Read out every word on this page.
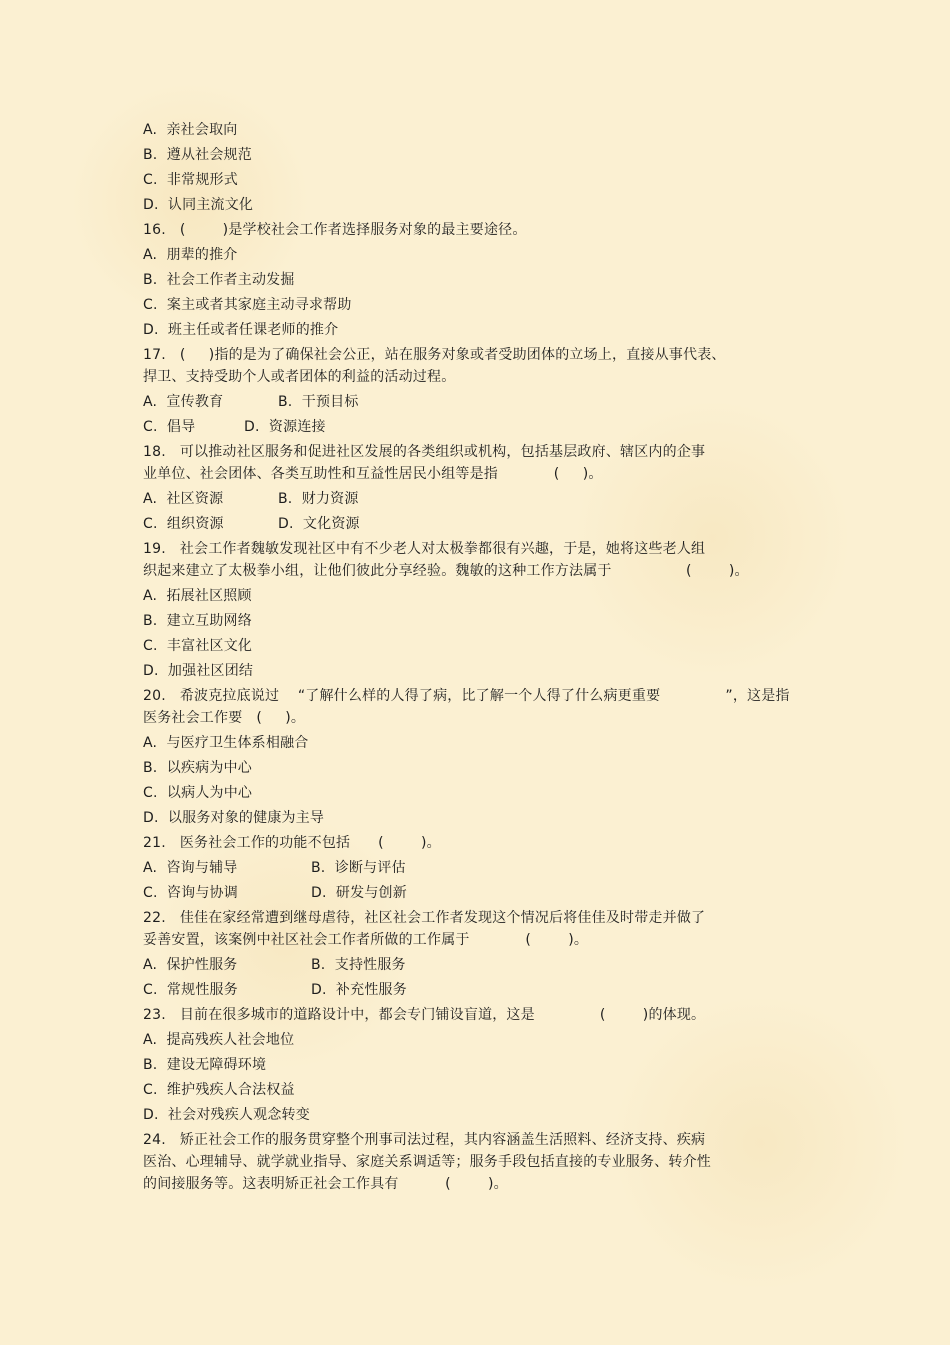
A.  亲社会取向
B.  遵从社会规范
C.  非常规形式
D.  认同主流文化
16.   (        )是学校社会工作者选择服务对象的最主要途径。
A.  朋辈的推介
B.  社会工作者主动发掘
C.  案主或者其家庭主动寻求帮助
D.  班主任或者任课老师的推介
17.   (     )指的是为了确保社会公正，站在服务对象或者受助团体的立场上，直接从事代表、
捍卫、支持受助个人或者团体的利益的活动过程。
A.  宣传教育	B.  干预目标
C.  倡导	D.  资源连接
18.   可以推动社区服务和促进社区发展的各类组织或机构，包括基层政府、辖区内的企事
业单位、社会团体、各类互助性和互益性居民小组等是指            (     )。
A.  社区资源	B.  财力资源
C.  组织资源	D.  文化资源
19.   社会工作者魏敏发现社区中有不少老人对太极拳都很有兴趣，于是，她将这些老人组
织起来建立了太极拳小组，让他们彼此分享经验。魏敏的这种工作方法属于                (        )。
A.  拓展社区照顾
B.  建立互助网络
C.  丰富社区文化
D.  加强社区团结
20.   希波克拉底说过    “了解什么样的人得了病，比了解一个人得了什么病更重要              ”，这是指
医务社会工作要   (     )。
A.  与医疗卫生体系相融合
B.  以疾病为中心
C.  以病人为中心
D.  以服务对象的健康为主导
21.   医务社会工作的功能不包括      (        )。
A.  咨询与辅导	B.  诊断与评估
C.  咨询与协调	D.  研发与创新
22.   佳佳在家经常遭到继母虐待，社区社会工作者发现这个情况后将佳佳及时带走并做了
妥善安置，该案例中社区社会工作者所做的工作属于            (        )。
A.  保护性服务	B.  支持性服务
C.  常规性服务	D.  补充性服务
23.   目前在很多城市的道路设计中，都会专门铺设盲道，这是              (        )的体现。
A.  提高残疾人社会地位
B.  建设无障碍环境
C.  维护残疾人合法权益
D.  社会对残疾人观念转变
24.   矫正社会工作的服务贯穿整个刑事司法过程，其内容涵盖生活照料、经济支持、疾病
医治、心理辅导、就学就业指导、家庭关系调适等；服务手段包括直接的专业服务、转介性
的间接服务等。这表明矫正社会工作具有          (        )。
